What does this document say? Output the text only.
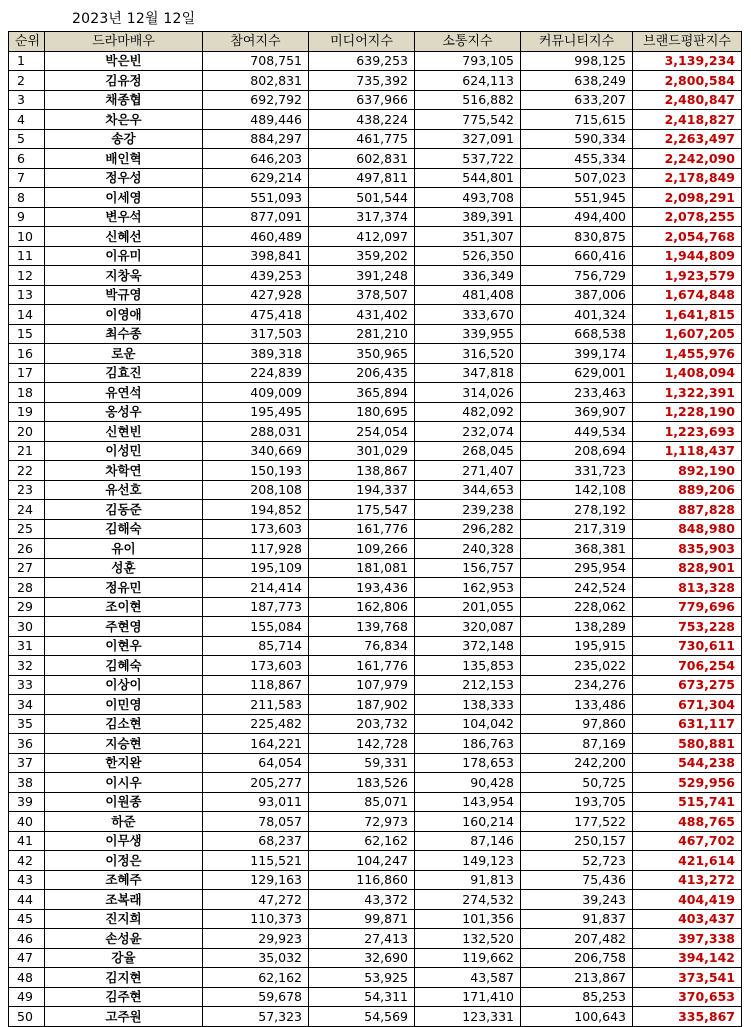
2023년 12월 12일
순위	드라마배우	참여지수	미디어지수	소통지수	커뮤니티지수	브랜드평판지수
1	박은빈	708,751	639,253	793,105	998,125	3,139,234
2	김유정	802,831	735,392	624,113	638,249	2,800,584
3	채종협	692,792	637,966	516,882	633,207	2,480,847
4	차은우	489,446	438,224	775,542	715,615	2,418,827
5	송강	884,297	461,775	327,091	590,334	2,263,497
6	배인혁	646,203	602,831	537,722	455,334	2,242,090
7	정우성	629,214	497,811	544,801	507,023	2,178,849
8	이세영	551,093	501,544	493,708	551,945	2,098,291
9	변우석	877,091	317,374	389,391	494,400	2,078,255
10	신혜선	460,489	412,097	351,307	830,875	2,054,768
11	이유미	398,841	359,202	526,350	660,416	1,944,809
12	지창욱	439,253	391,248	336,349	756,729	1,923,579
13	박규영	427,928	378,507	481,408	387,006	1,674,848
14	이영애	475,418	431,402	333,670	401,324	1,641,815
15	최수종	317,503	281,210	339,955	668,538	1,607,205
16	로운	389,318	350,965	316,520	399,174	1,455,976
17	김효진	224,839	206,435	347,818	629,001	1,408,094
18	유연석	409,009	365,894	314,026	233,463	1,322,391
19	옹성우	195,495	180,695	482,092	369,907	1,228,190
20	신현빈	288,031	254,054	232,074	449,534	1,223,693
21	이성민	340,669	301,029	268,045	208,694	1,118,437
22	차학연	150,193	138,867	271,407	331,723	892,190
23	유선호	208,108	194,337	344,653	142,108	889,206
24	김동준	194,852	175,547	239,238	278,192	887,828
25	김해숙	173,603	161,776	296,282	217,319	848,980
26	유이	117,928	109,266	240,328	368,381	835,903
27	성훈	195,109	181,081	156,757	295,954	828,901
28	정유민	214,414	193,436	162,953	242,524	813,328
29	조이현	187,773	162,806	201,055	228,062	779,696
30	주현영	155,084	139,768	320,087	138,289	753,228
31	이현우	85,714	76,834	372,148	195,915	730,611
32	김혜숙	173,603	161,776	135,853	235,022	706,254
33	이상이	118,867	107,979	212,153	234,276	673,275
34	이민영	211,583	187,902	138,333	133,486	671,304
35	김소현	225,482	203,732	104,042	97,860	631,117
36	지승현	164,221	142,728	186,763	87,169	580,881
37	한지완	64,054	59,331	178,653	242,200	544,238
38	이시우	205,277	183,526	90,428	50,725	529,956
39	이원종	93,011	85,071	143,954	193,705	515,741
40	하준	78,057	72,973	160,214	177,522	488,765
41	이무생	68,237	62,162	87,146	250,157	467,702
42	이정은	115,521	104,247	149,123	52,723	421,614
43	조혜주	129,163	116,860	91,813	75,436	413,272
44	조복래	47,272	43,372	274,532	39,243	404,419
45	진지희	110,373	99,871	101,356	91,837	403,437
46	손성윤	29,923	27,413	132,520	207,482	397,338
47	강율	35,032	32,690	119,662	206,758	394,142
48	김지현	62,162	53,925	43,587	213,867	373,541
49	김주현	59,678	54,311	171,410	85,253	370,653
50	고주원	57,323	54,569	123,331	100,643	335,867
